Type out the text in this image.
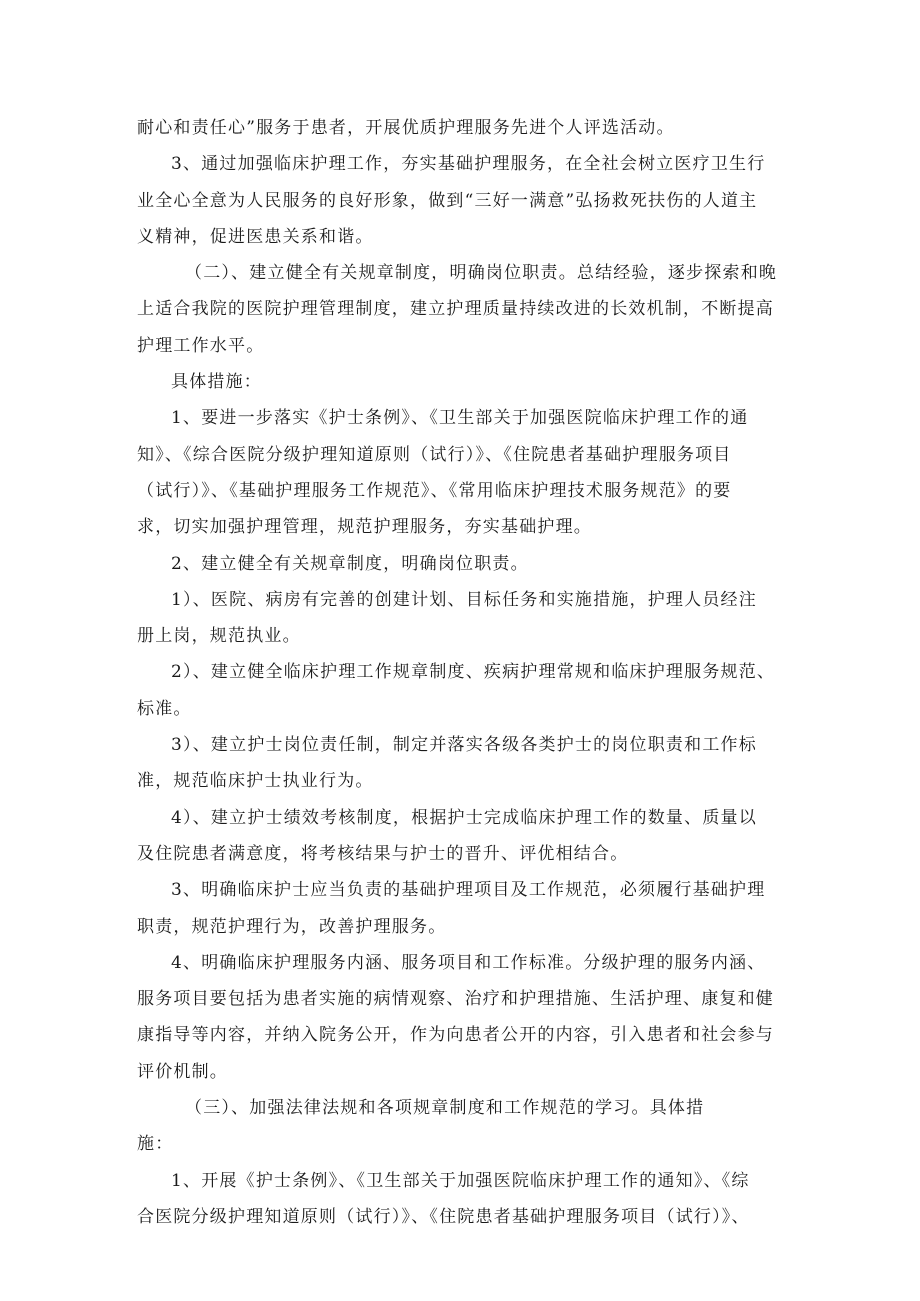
耐心和责任心”服务于患者，开展优质护理服务先进个人评选活动。
3、通过加强临床护理工作，夯实基础护理服务，在全社会树立医疗卫生行
业全心全意为人民服务的良好形象，做到“三好一满意”弘扬救死扶伤的人道主
义精神，促进医患关系和谐。
（二）、建立健全有关规章制度，明确岗位职责。总结经验，逐步探索和晚
上适合我院的医院护理管理制度，建立护理质量持续改进的长效机制，不断提高
护理工作水平。
具体措施：
1、要进一步落实《护士条例》、《卫生部关于加强医院临床护理工作的通
知》、《综合医院分级护理知道原则（试行）》、《住院患者基础护理服务项目
（试行）》、《基础护理服务工作规范》、《常用临床护理技术服务规范》的要
求，切实加强护理管理，规范护理服务，夯实基础护理。
2、建立健全有关规章制度，明确岗位职责。
1）、医院、病房有完善的创建计划、目标任务和实施措施，护理人员经注
册上岗，规范执业。
2）、建立健全临床护理工作规章制度、疾病护理常规和临床护理服务规范、
标准。
3）、建立护士岗位责任制，制定并落实各级各类护士的岗位职责和工作标
准，规范临床护士执业行为。
4）、建立护士绩效考核制度，根据护士完成临床护理工作的数量、质量以
及住院患者满意度，将考核结果与护士的晋升、评优相结合。
3、明确临床护士应当负责的基础护理项目及工作规范，必须履行基础护理
职责，规范护理行为，改善护理服务。
4、明确临床护理服务内涵、服务项目和工作标准。分级护理的服务内涵、
服务项目要包括为患者实施的病情观察、治疗和护理措施、生活护理、康复和健
康指导等内容，并纳入院务公开，作为向患者公开的内容，引入患者和社会参与
评价机制。
（三）、加强法律法规和各项规章制度和工作规范的学习。具体措
施：
1、开展《护士条例》、《卫生部关于加强医院临床护理工作的通知》、《综
合医院分级护理知道原则（试行）》、《住院患者基础护理服务项目（试行）》、
